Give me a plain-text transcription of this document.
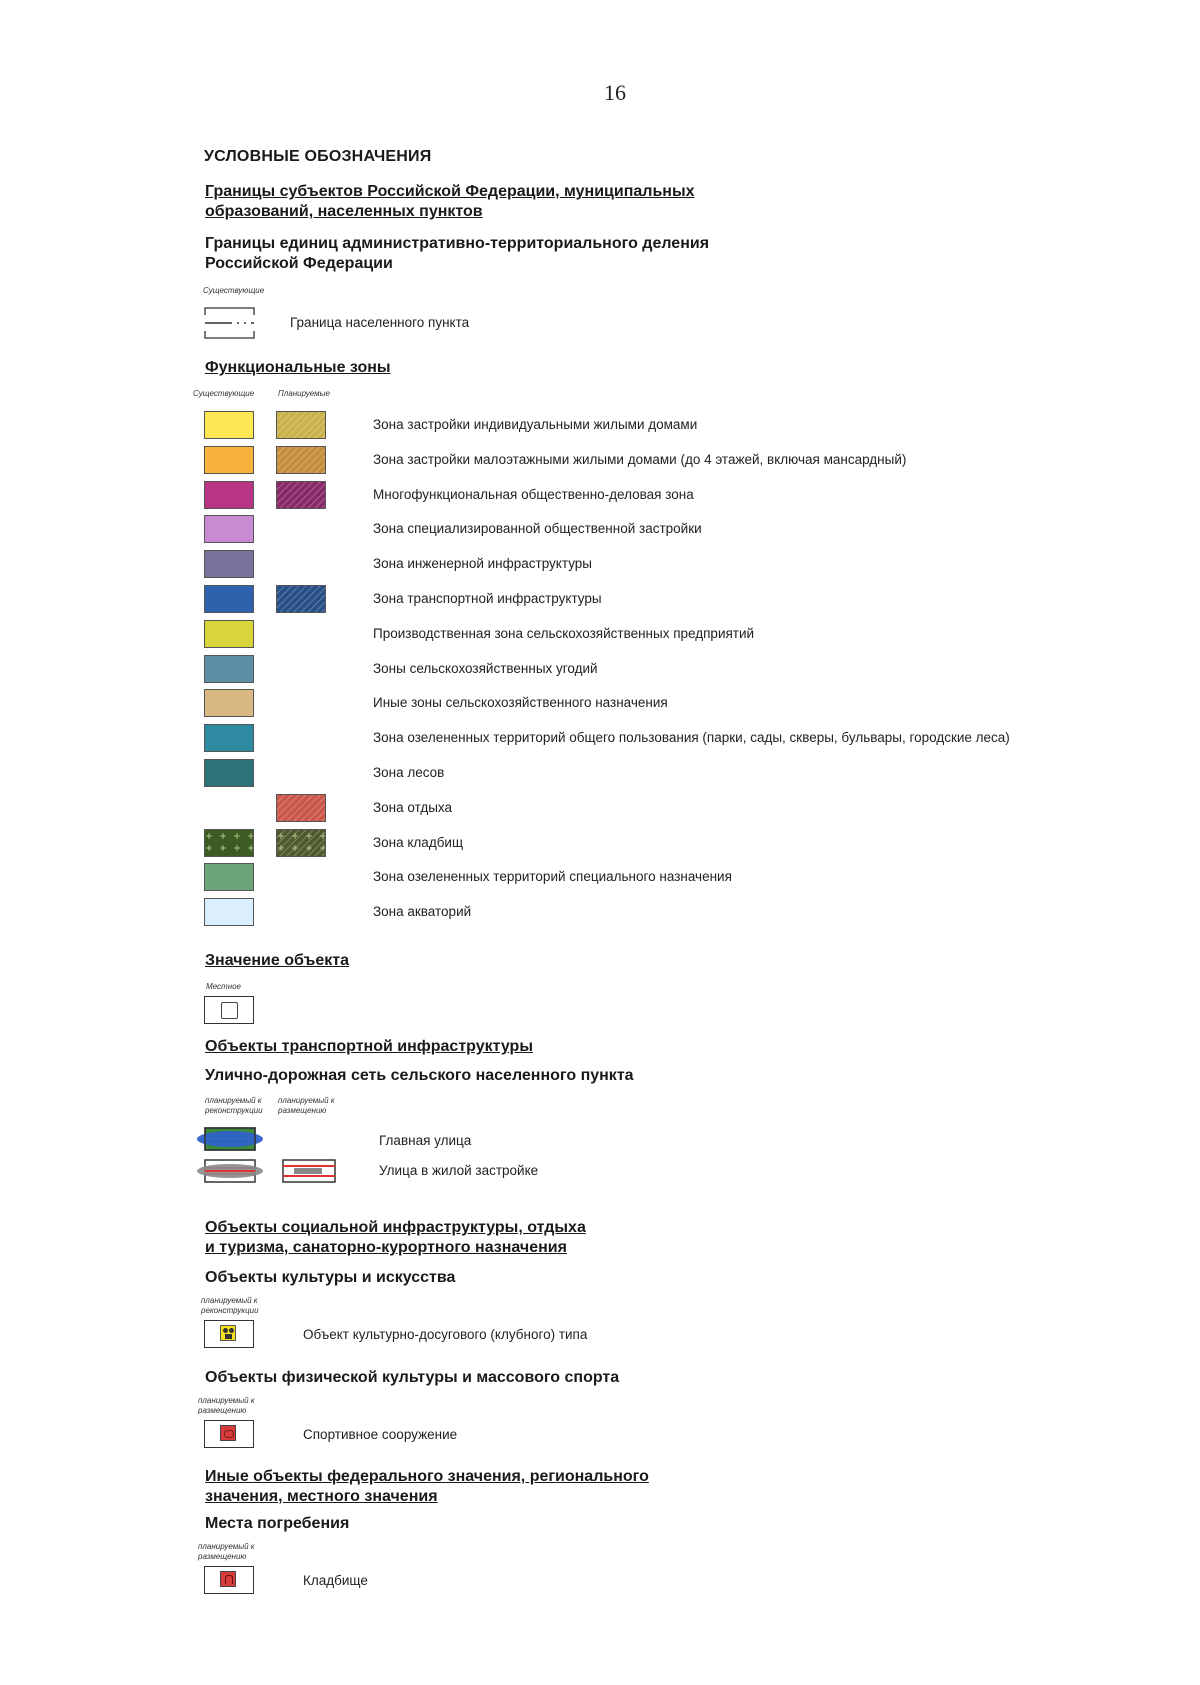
16
УСЛОВНЫЕ ОБОЗНАЧЕНИЯ
Границы субъектов Российской Федерации, муниципальных
образований, населенных пунктов
Границы единиц административно-территориального деления
Российской Федерации
Существующие
Граница населенного пункта
Функциональные зоны
Существующие	Планируемые
Зона застройки индивидуальными жилыми домами
Зона застройки малоэтажными жилыми домами (до 4 этажей, включая мансардный)
Многофункциональная общественно-деловая зона
Зона специализированной общественной застройки
Зона инженерной инфраструктуры
Зона транспортной инфраструктуры
Производственная зона сельскохозяйственных предприятий
Зоны сельскохозяйственных угодий
Иные зоны сельскохозяйственного назначения
Зона озелененных территорий общего пользования (парки, сады, скверы, бульвары, городские леса)
Зона лесов
Зона отдыха
Зона кладбищ
Зона озелененных территорий специального назначения
Зона акваторий
Значение объекта
Местное
Объекты транспортной инфраструктуры
Улично-дорожная сеть сельского населенного пункта
планируемый к
реконструкции
планируемый к
размещению
Главная улица
Улица в жилой застройке
Объекты социальной инфраструктуры, отдыха
и туризма, санаторно-курортного назначения
Объекты культуры и искусства
планируемый к
реконструкции
Объект культурно-досугового (клубного) типа
Объекты физической культуры и массового спорта
планируемый к
размещению
Спортивное сооружение
Иные объекты федерального значения, регионального
значения, местного значения
Места погребения
планируемый к
размещению
Кладбище
